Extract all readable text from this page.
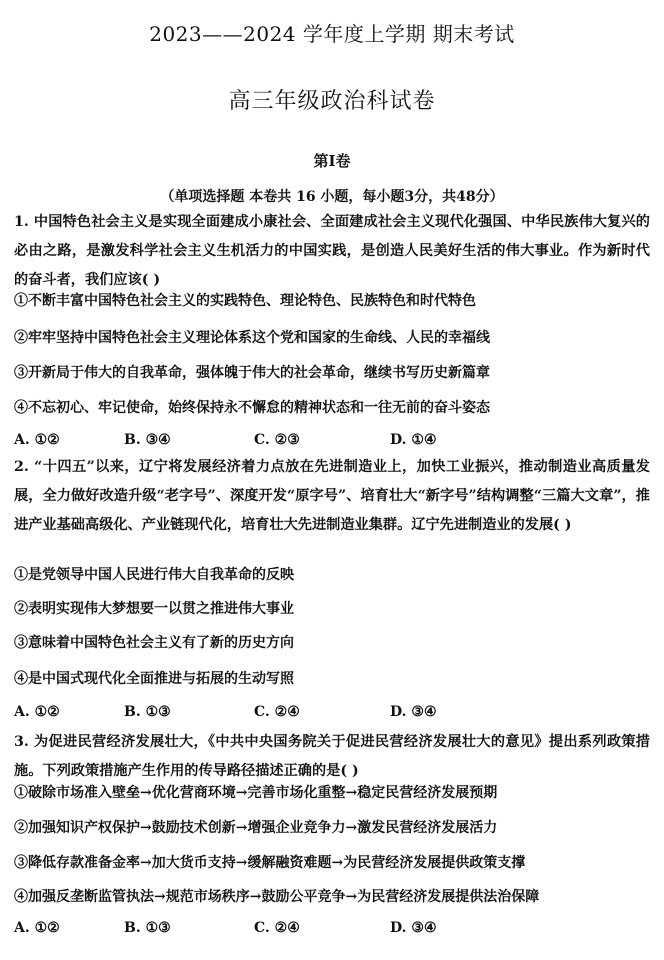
2023——2024 学年度上学期 期末考试
高三年级政治科试卷
第Ⅰ卷
（单项选择题 本卷共 16 小题，每小题3分，共48分）
1. 中国特色社会主义是实现全面建成小康社会、全面建成社会主义现代化强国、中华民族伟大复兴的必由之路，是激发科学社会主义生机活力的中国实践，是创造人民美好生活的伟大事业。作为新时代的奋斗者，我们应该( )
①不断丰富中国特色社会主义的实践特色、理论特色、民族特色和时代特色
②牢牢坚持中国特色社会主义理论体系这个党和国家的生命线、人民的幸福线
③开新局于伟大的自我革命，强体魄于伟大的社会革命，继续书写历史新篇章
④不忘初心、牢记使命，始终保持永不懈怠的精神状态和一往无前的奋斗姿态
A. ①②	B. ③④	C. ②③	D. ①④
2. “十四五”以来，辽宁将发展经济着力点放在先进制造业上，加快工业振兴，推动制造业高质量发展，全力做好改造升级“老字号”、深度开发“原字号”、培育壮大“新字号”结构调整“三篇大文章”，推进产业基础高级化、产业链现代化，培育壮大先进制造业集群。辽宁先进制造业的发展( )
①是党领导中国人民进行伟大自我革命的反映
②表明实现伟大梦想要一以贯之推进伟大事业
③意味着中国特色社会主义有了新的历史方向
④是中国式现代化全面推进与拓展的生动写照
A. ①②	B. ①③	C. ②④	D. ③④
3. 为促进民营经济发展壮大，《中共中央国务院关于促进民营经济发展壮大的意见》提出系列政策措施。下列政策措施产生作用的传导路径描述正确的是( )
①破除市场准入壁垒→优化营商环境→完善市场化重整→稳定民营经济发展预期
②加强知识产权保护→鼓励技术创新→增强企业竞争力→激发民营经济发展活力
③降低存款准备金率→加大货币支持→缓解融资难题→为民营经济发展提供政策支撑
④加强反垄断监管执法→规范市场秩序→鼓励公平竞争→为民营经济发展提供法治保障
A. ①②	B. ①③	C. ②④	D. ③④
